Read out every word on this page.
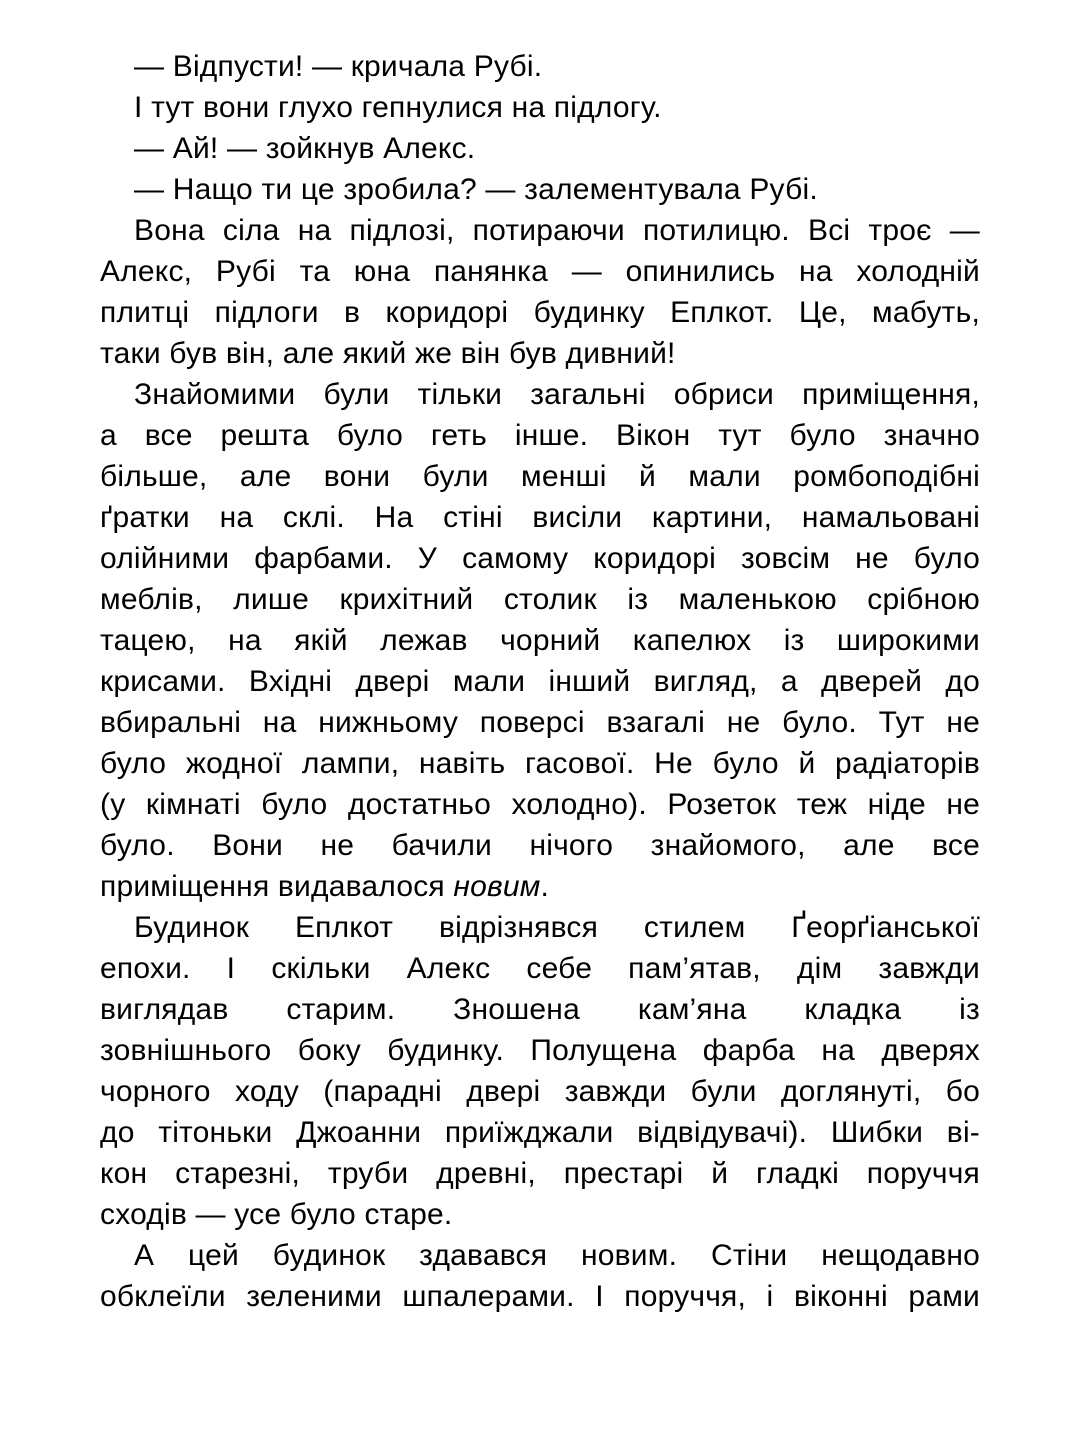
— Відпусти! — кричала Рубі.
І тут вони глухо гепнулися на підлогу.
— Ай! — зойкнув Алекс.
— Нащо ти це зробила? — залементувала Рубі.
Вона сіла на підлозі, потираючи потилицю. Всі троє —
Алекс, Рубі та юна панянка — опинились на холодній
плитці підлоги в коридорі будинку Еплкот. Це, мабуть,
таки був він, але який же він був дивний!
Знайомими були тільки загальні обриси приміщення,
а все решта було геть інше. Вікон тут було значно
більше, але вони були менші й мали ромбоподібні
ґратки на склі. На стіні висіли картини, намальовані
олійними фарбами. У самому коридорі зовсім не було
меблів, лише крихітний столик із маленькою срібною
тацею, на якій лежав чорний капелюх із широкими
крисами. Вхідні двері мали інший вигляд, а дверей до
вбиральні на нижньому поверсі взагалі не було. Тут не
було жодної лампи, навіть гасової. Не було й радіаторів
(у кімнаті було достатньо холодно). Розеток теж ніде не
було. Вони не бачили нічого знайомого, але все
приміщення видавалося новим.
Будинок Еплкот відрізнявся стилем Ґеорґіанської
епохи. І скільки Алекс себе пам’ятав, дім завжди
виглядав старим. Зношена кам’яна кладка із
зовнішнього боку будинку. Полущена фарба на дверях
чорного ходу (парадні двері завжди були доглянуті, бо
до тітоньки Джоанни приїжджали відвідувачі). Шибки ві-
кон старезні, труби древні, престарі й гладкі поруччя
сходів — усе було старе.
А цей будинок здавався новим. Стіни нещодавно
обклеїли зеленими шпалерами. І поруччя, і віконні рами
